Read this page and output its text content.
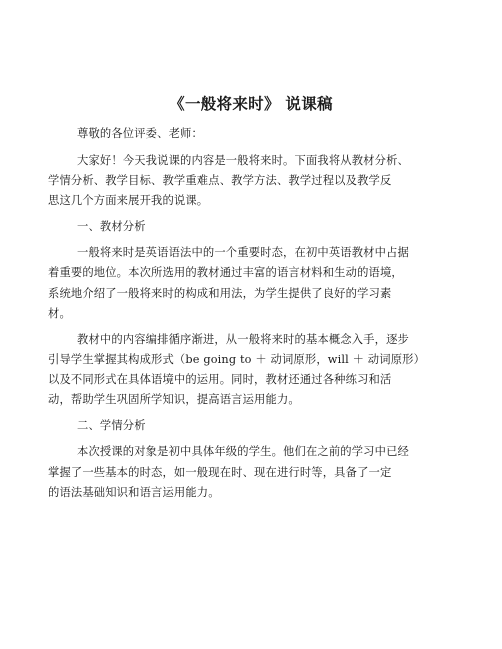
《一般将来时》 说课稿
尊敬的各位评委、老师：
大家好！今天我说课的内容是一般将来时。下面我将从教材分析、
学情分析、教学目标、教学重难点、教学方法、教学过程以及教学反
思这几个方面来展开我的说课。
一、教材分析
一般将来时是英语语法中的一个重要时态，在初中英语教材中占据
着重要的地位。本次所选用的教材通过丰富的语言材料和生动的语境，
系统地介绍了一般将来时的构成和用法，为学生提供了良好的学习素
材。
教材中的内容编排循序渐进，从一般将来时的基本概念入手，逐步
引导学生掌握其构成形式（be going to ＋ 动词原形，will ＋ 动词原形）
以及不同形式在具体语境中的运用。同时，教材还通过各种练习和活
动，帮助学生巩固所学知识，提高语言运用能力。
二、学情分析
本次授课的对象是初中具体年级的学生。他们在之前的学习中已经
掌握了一些基本的时态，如一般现在时、现在进行时等，具备了一定
的语法基础知识和语言运用能力。
